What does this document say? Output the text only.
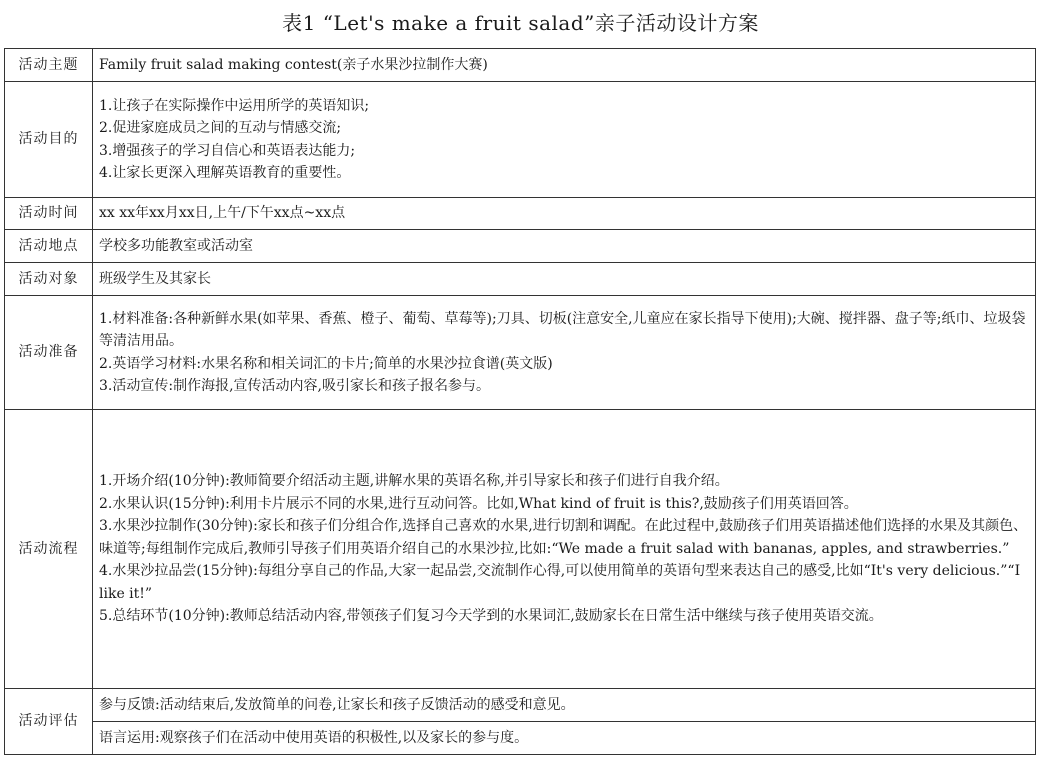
表1 “Let's make a fruit salad”亲子活动设计方案
活动主题	Family fruit salad making contest(亲子水果沙拉制作大赛)
活动目的	1.让孩子在实际操作中运用所学的英语知识;
2.促进家庭成员之间的互动与情感交流;
3.增强孩子的学习自信心和英语表达能力;
4.让家长更深入理解英语教育的重要性。

活动时间	xx xx年xx月xx日,上午/下午xx点~xx点
活动地点	学校多功能教室或活动室
活动对象	班级学生及其家长
活动准备	1.材料准备:各种新鲜水果(如苹果、香蕉、橙子、葡萄、草莓等);刀具、切板(注意安全,儿童应在家长指导下使用);大碗、搅拌器、盘子等;纸巾、垃圾袋等清洁用品。
2.英语学习材料:水果名称和相关词汇的卡片;简单的水果沙拉食谱(英文版)
3.活动宣传:制作海报,宣传活动内容,吸引家长和孩子报名参与。

活动流程	1.开场介绍(10分钟):教师简要介绍活动主题,讲解水果的英语名称,并引导家长和孩子们进行自我介绍。
2.水果认识(15分钟):利用卡片展示不同的水果,进行互动问答。比如,What kind of fruit is this?,鼓励孩子们用英语回答。
3.水果沙拉制作(30分钟):家长和孩子们分组合作,选择自己喜欢的水果,进行切割和调配。在此过程中,鼓励孩子们用英语描述他们选择的水果及其颜色、味道等;每组制作完成后,教师引导孩子们用英语介绍自己的水果沙拉,比如:“We made a fruit salad with bananas, apples, and strawberries.”
4.水果沙拉品尝(15分钟):每组分享自己的作品,大家一起品尝,交流制作心得,可以使用简单的英语句型来表达自己的感受,比如“It's very delicious.”“I like it!”
5.总结环节(10分钟):教师总结活动内容,带领孩子们复习今天学到的水果词汇,鼓励家长在日常生活中继续与孩子使用英语交流。

活动评估	参与反馈:活动结束后,发放简单的问卷,让家长和孩子反馈活动的感受和意见。
	语言运用:观察孩子们在活动中使用英语的积极性,以及家长的参与度。
